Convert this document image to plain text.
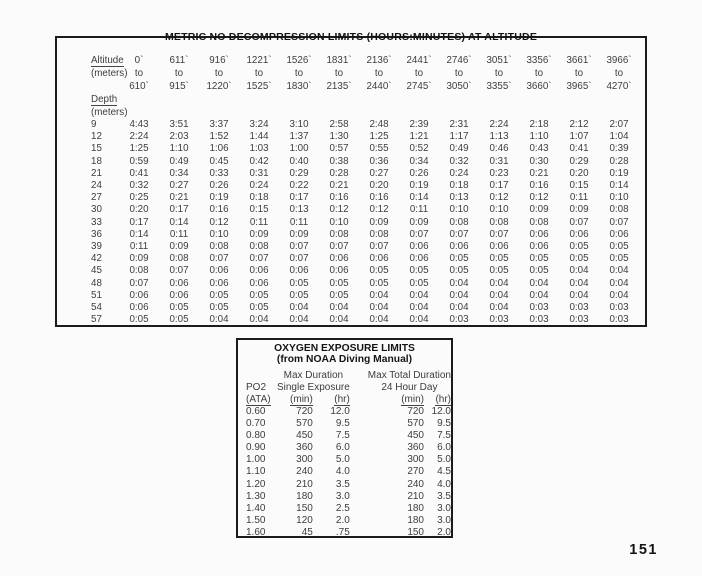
METRIC NO DECOMPRESSION LIMITS (HOURS:MINUTES) AT ALTITUDE
Altitude	0`	611`	916`	1221`	1526`	1831`	2136`	2441`	2746`	3051`	3356`	3661`	3966`
(meters)	to	to	to	to	to	to	to	to	to	to	to	to	to
	610`	915`	1220`	1525`	1830`	2135`	2440`	2745`	3050`	3355`	3660`	3965`	4270`
Depth													
(meters)													
9	4:43	3:51	3:37	3:24	3:10	2:58	2:48	2:39	2:31	2:24	2:18	2:12	2:07
12	2:24	2:03	1:52	1:44	1:37	1:30	1:25	1:21	1:17	1:13	1:10	1:07	1:04
15	1:25	1:10	1:06	1:03	1:00	0:57	0:55	0:52	0:49	0:46	0:43	0:41	0:39
18	0:59	0:49	0:45	0:42	0:40	0:38	0:36	0:34	0:32	0:31	0:30	0:29	0:28
21	0:41	0:34	0:33	0:31	0:29	0:28	0:27	0:26	0:24	0:23	0:21	0:20	0:19
24	0:32	0:27	0:26	0:24	0:22	0:21	0:20	0:19	0:18	0:17	0:16	0:15	0:14
27	0:25	0:21	0:19	0:18	0:17	0:16	0:16	0:14	0:13	0:12	0:12	0:11	0:10
30	0:20	0:17	0:16	0:15	0:13	0:12	0:12	0:11	0:10	0:10	0:09	0:09	0:08
33	0:17	0:14	0:12	0:11	0:11	0:10	0:09	0:09	0:08	0:08	0:08	0:07	0:07
36	0:14	0:11	0:10	0:09	0:09	0:08	0:08	0:07	0:07	0:07	0:06	0:06	0:06
39	0:11	0:09	0:08	0:08	0:07	0:07	0:07	0:06	0:06	0:06	0:06	0:05	0:05
42	0:09	0:08	0:07	0:07	0:07	0:06	0:06	0:06	0:05	0:05	0:05	0:05	0:05
45	0:08	0:07	0:06	0:06	0:06	0:06	0:05	0:05	0:05	0:05	0:05	0:04	0:04
48	0:07	0:06	0:06	0:06	0:05	0:05	0:05	0:05	0:04	0:04	0:04	0:04	0:04
51	0:06	0:06	0:05	0:05	0:05	0:05	0:04	0:04	0:04	0:04	0:04	0:04	0:04
54	0:06	0:05	0:05	0:05	0:04	0:04	0:04	0:04	0:04	0:04	0:03	0:03	0:03
57	0:05	0:05	0:04	0:04	0:04	0:04	0:04	0:04	0:03	0:03	0:03	0:03	0:03
OXYGEN EXPOSURE LIMITS
(from NOAA Diving Manual)
	Max Duration		Max Total Duration	
PO2	Single Exposure		24 Hour Day	
(ATA)	(min)	(hr)	(min)	(hr)
0.60	720	12.0	720	12.0
0.70	570	9.5	570	9.5
0.80	450	7.5	450	7.5
0.90	360	6.0	360	6.0
1.00	300	5.0	300	5.0
1.10	240	4.0	270	4.5
1.20	210	3.5	240	4.0
1.30	180	3.0	210	3.5
1.40	150	2.5	180	3.0
1.50	120	2.0	180	3.0
1.60	45	.75	150	2.0
151
